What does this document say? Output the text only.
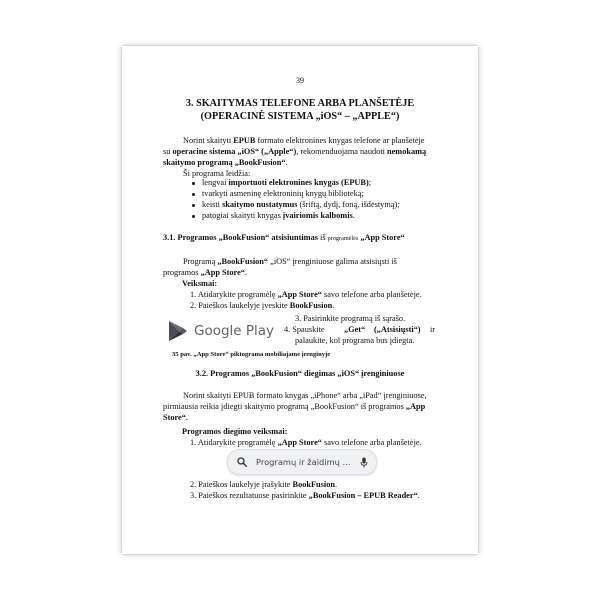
39
3. SKAITYMAS TELEFONE ARBA PLANŠETĖJE
(OPERACINĖ SISTEMA „iOS“ – „APPLE“)
Norint skaityti EPUB formato elektronines knygas telefone ar planšetėje
su operacine sistema „iOS“ („Apple“), rekomenduojama naudoti nemokamą
skaitymo programą „BookFusion“.
Ši programa leidžia:
lengvai importuoti elektronines knygas (EPUB);
tvarkyti asmeninę elektroninių knygų biblioteką;
keisti skaitymo nustatymus (šriftą, dydį, foną, išdėstymą);
patogiai skaityti knygas įvairiomis kalbomis.
3.1. Programos „BookFusion“ atsisiuntimas iš programėlės „App Store“
Programą „BookFusion“ „iOS“ įrenginiuose galima atsisiųsti iš
programos „App Store“.
Veiksmai:
1. Atidarykite programėlę „App Store“ savo telefone arba planšetėje.
2. Paieškos laukelyje įveskite BookFusion.
3. Pasirinkite programą iš sąrašo.
4. Spauskite „Get“ („Atsisiųsti“) ir
palaukite, kol programa bus įdiegta.
Google Play
35 pav. „App Store“ piktograma mobiliajame įrenginyje
3.2. Programos „BookFusion“ diegimas „iOS“ įrenginiuose
Norint skaityti EPUB formato knygas „iPhone“ arba „iPad“ įrenginiuose,
pirmiausia reikia įdiegti skaitymo programą „BookFusion“ iš programos „App
Store“.
Programos diegimo veiksmai:
1. Atidarykite programėlę „App Store“ savo telefone arba planšetėje.
Programų ir žaidimų ...
2. Paieškos laukelyje įrašykite BookFusion.
3. Paieškos rezultatuose pasirinkite „BookFusion – EPUB Reader“.
